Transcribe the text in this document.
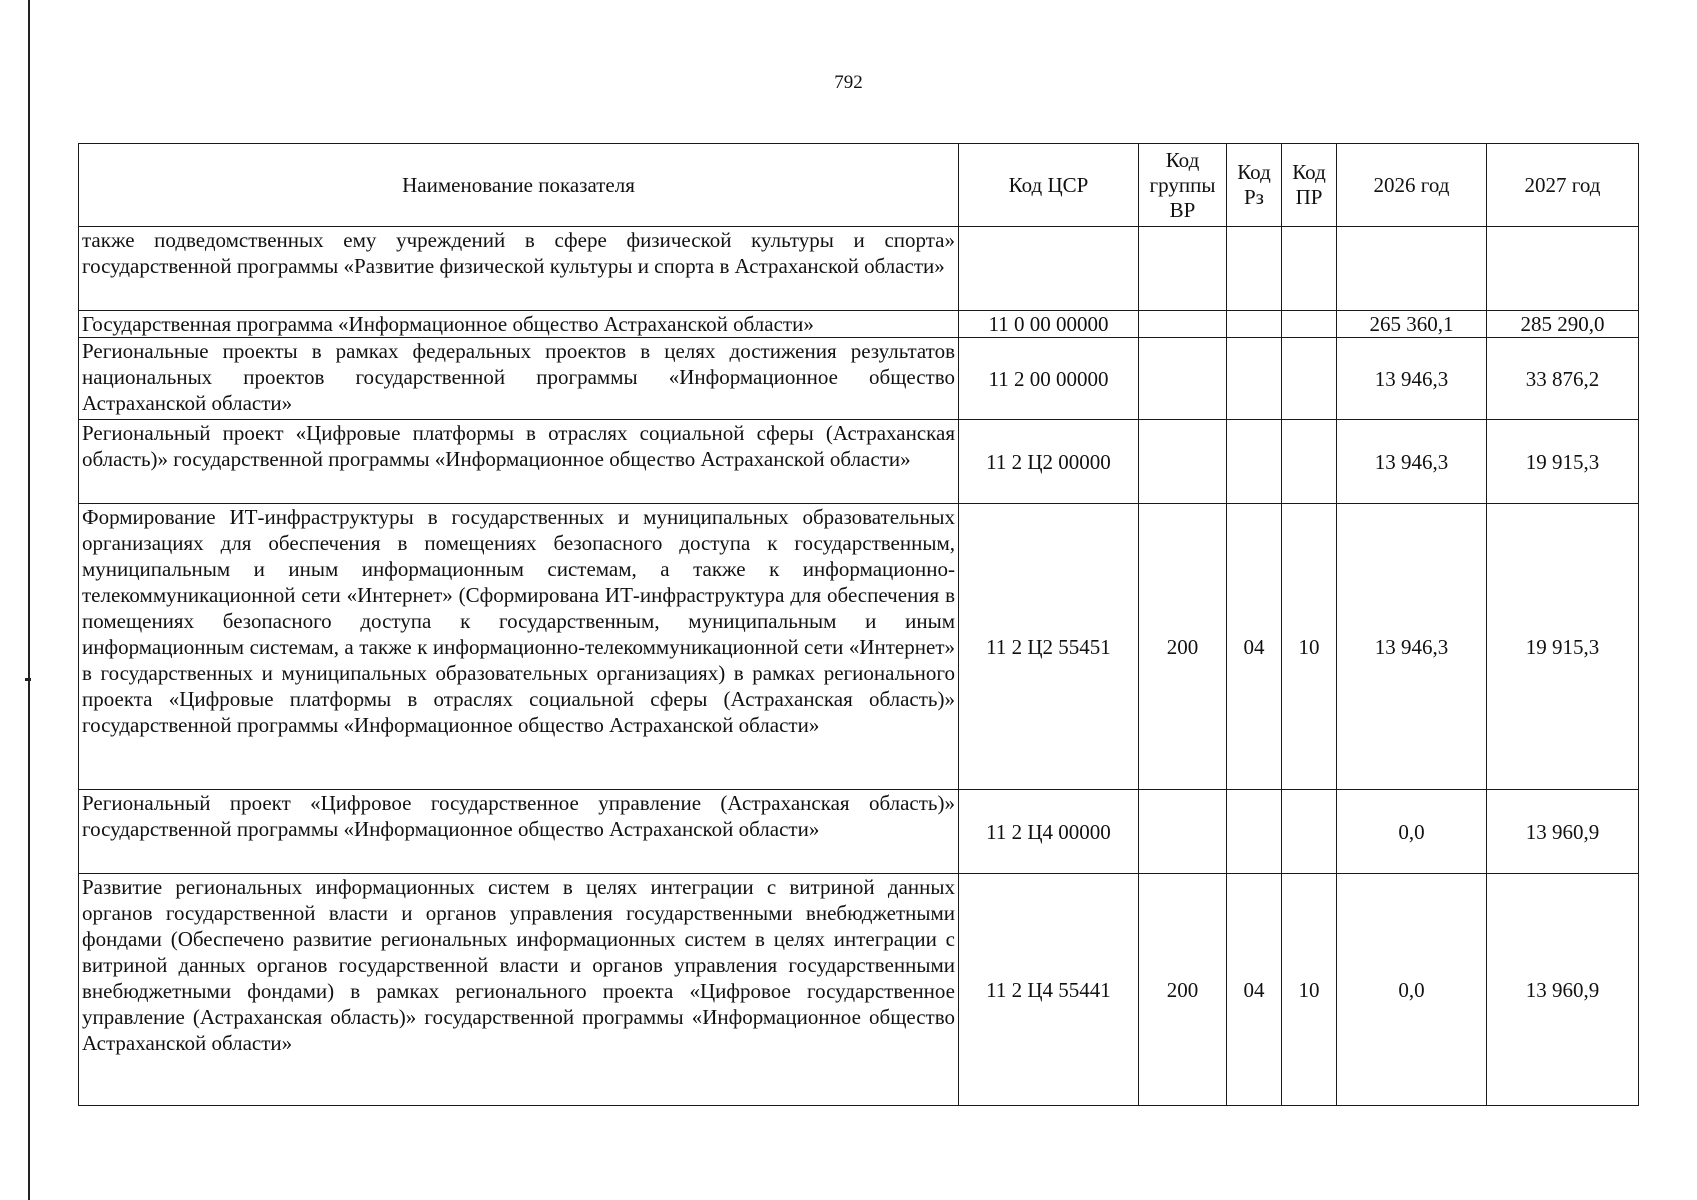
792
Наименование показателя	Код ЦСР	Код группы ВР	Код Рз	Код ПР	2026 год	2027 год
также подведомственных ему учреждений в сфере физической культуры и спорта» государственной программы «Развитие физической культуры и спорта в Астраханской области»						
Государственная программа «Информационное общество Астраханской области»	11 0 00 00000				265 360,1	285 290,0
Региональные проекты в рамках федеральных проектов в целях достижения результатов национальных проектов государственной программы «Информационное общество Астраханской области»	11 2 00 00000				13 946,3	33 876,2
Региональный проект «Цифровые платформы в отраслях социальной сферы (Астраханская область)» государственной программы «Информационное общество Астраханской области»	11 2 Ц2 00000				13 946,3	19 915,3
Формирование ИТ-инфраструктуры в государственных и муниципальных образовательных организациях для обеспечения в помещениях безопасного доступа к государственным, муниципальным и иным информационным системам, а также к информационно-телекоммуникационной сети «Интернет» (Сформирована ИТ-инфраструктура для обеспечения в помещениях безопасного доступа к государственным, муниципальным и иным информационным системам, а также к информационно-телекоммуникационной сети «Интернет» в государственных и муниципальных образовательных организациях) в рамках регионального проекта «Цифровые платформы в отраслях социальной сферы (Астраханская область)» государственной программы «Информационное общество Астраханской области»	11 2 Ц2 55451	200	04	10	13 946,3	19 915,3
Региональный проект «Цифровое государственное управление (Астраханская область)» государственной программы «Информационное общество Астраханской области»	11 2 Ц4 00000				0,0	13 960,9
Развитие региональных информационных систем в целях интеграции с витриной данных органов государственной власти и органов управления государственными внебюджетными фондами (Обеспечено развитие региональных информационных систем в целях интеграции с витриной данных органов государственной власти и органов управления государственными внебюджетными фондами) в рамках регионального проекта «Цифровое государственное управление (Астраханская область)» государственной программы «Информационное общество Астраханской области»	11 2 Ц4 55441	200	04	10	0,0	13 960,9
